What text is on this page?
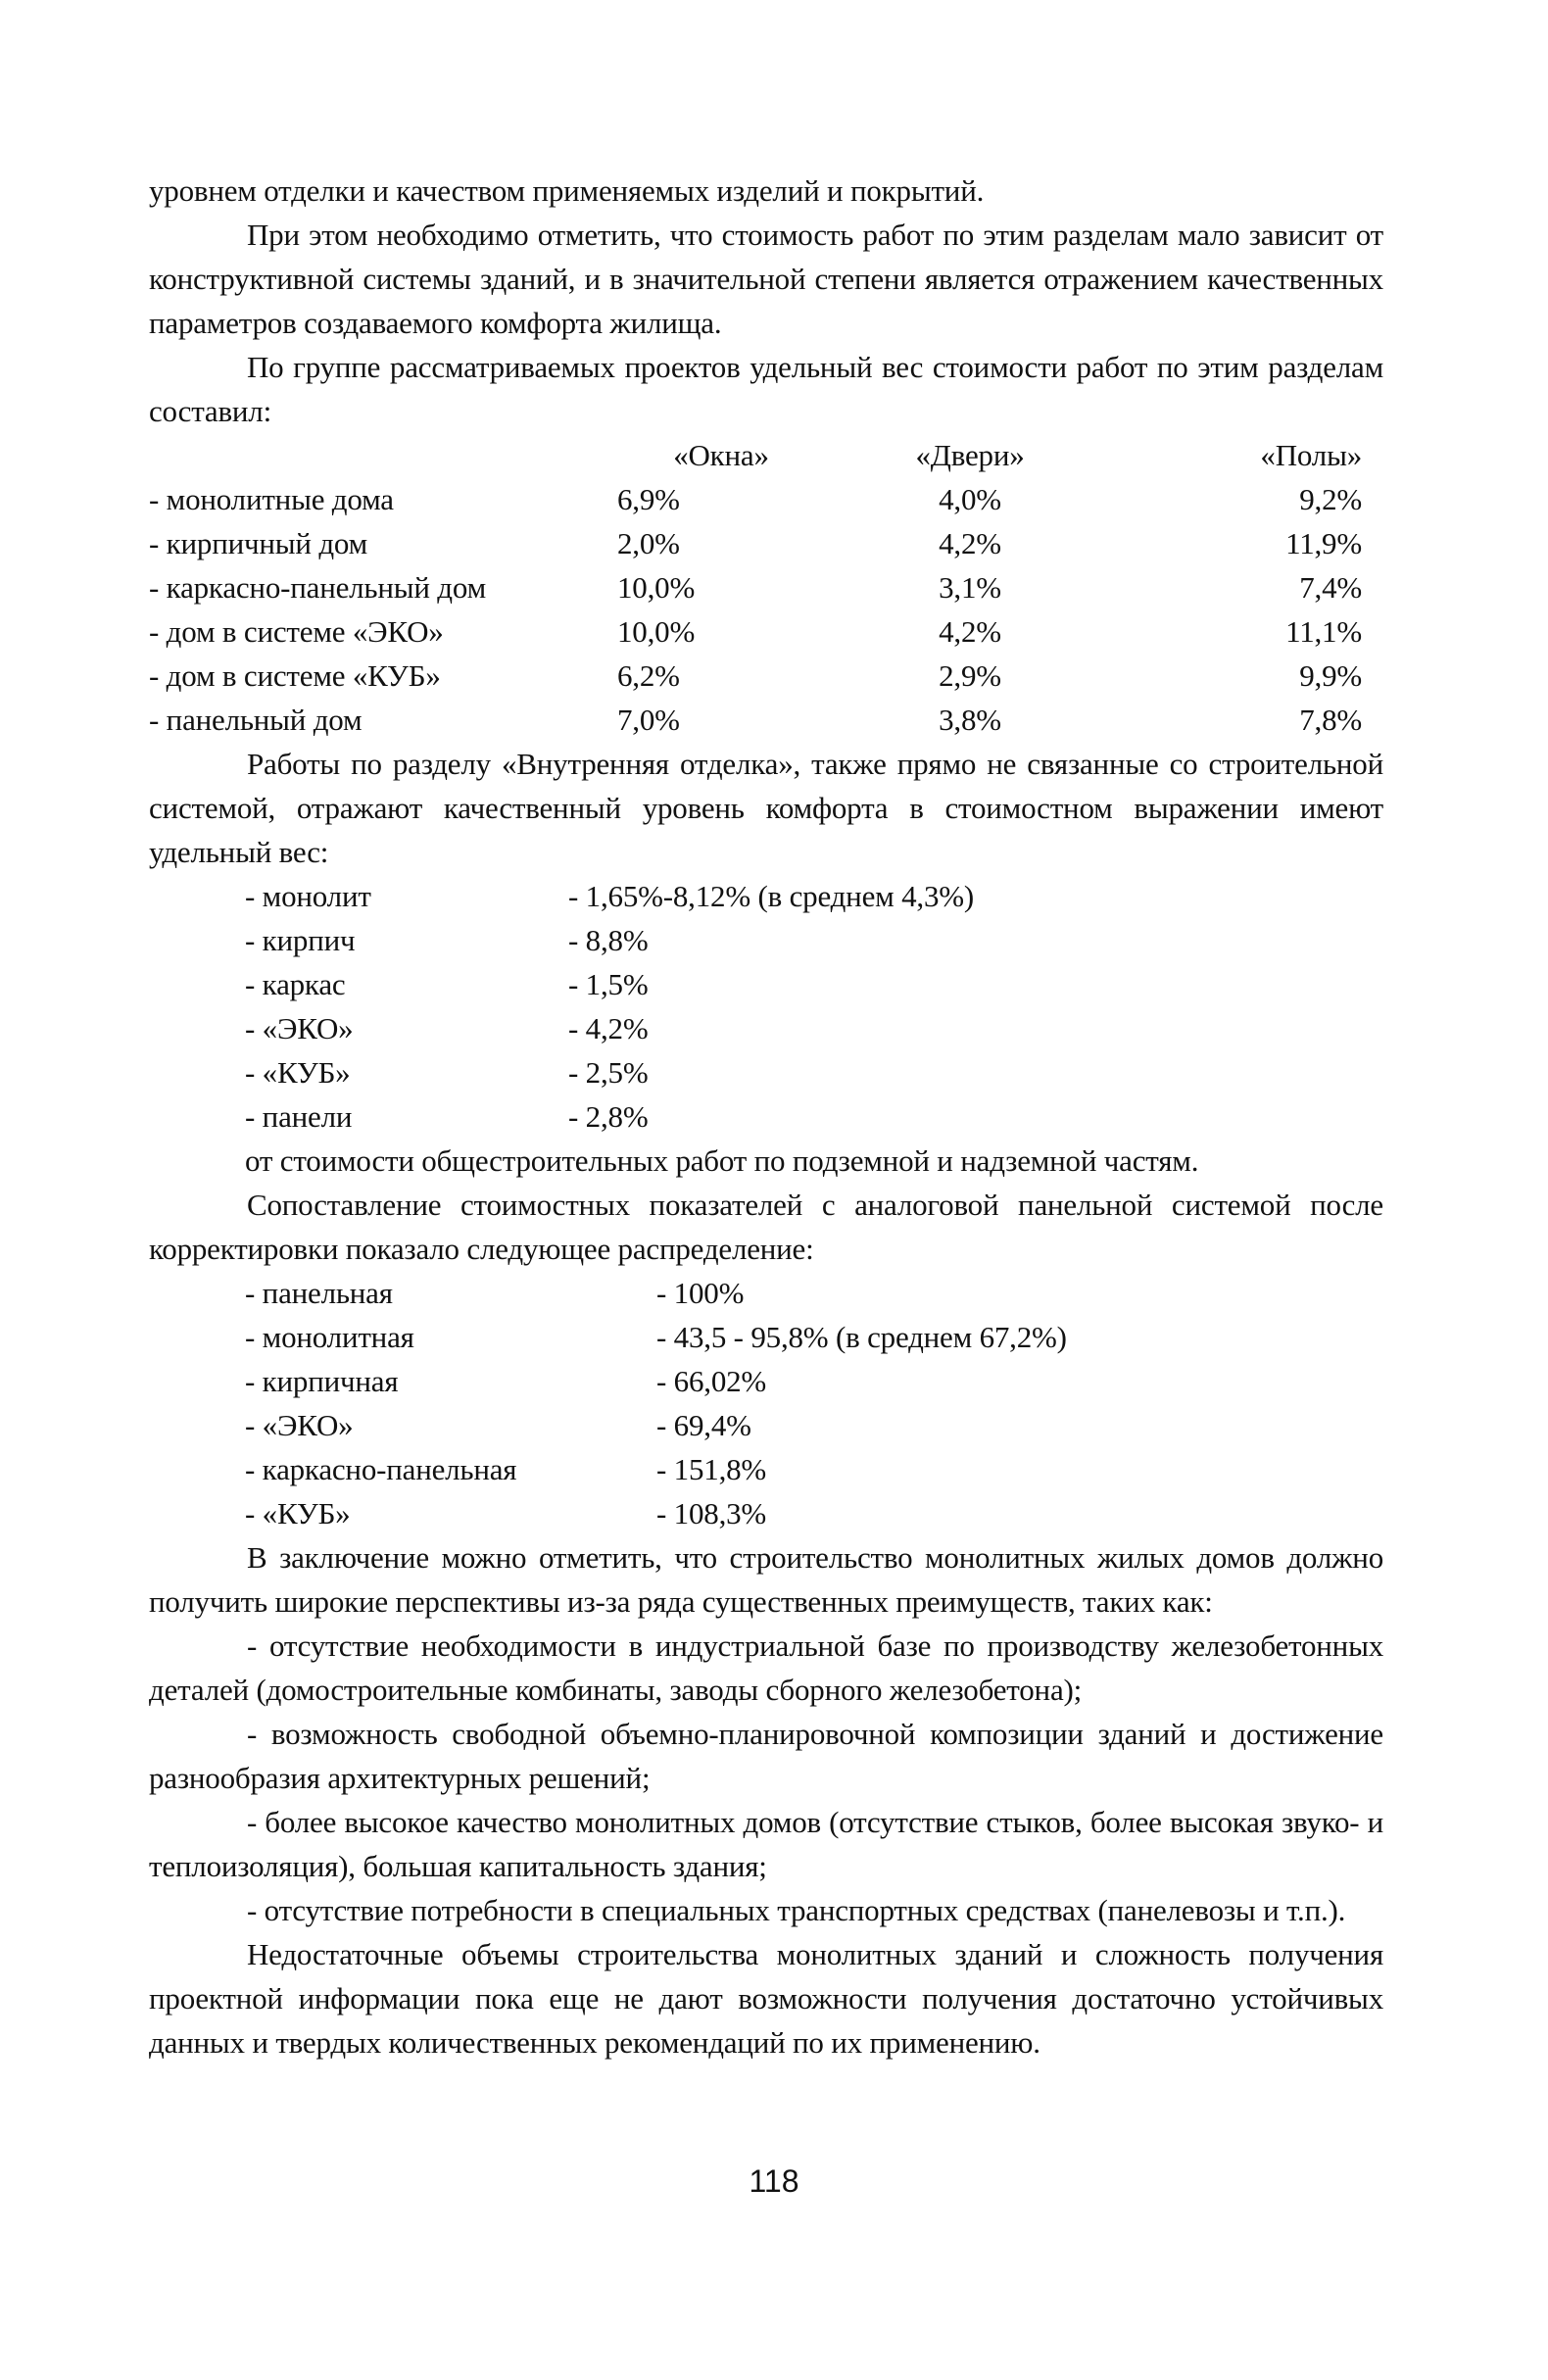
уровнем отделки и качеством применяемых изделий и покрытий.

При этом необходимо отметить, что стоимость работ по этим разделам мало зависит от конструктивной системы зданий, и в значительной степени является отражением качественных параметров создаваемого комфорта жилища.

По группе рассматриваемых проектов удельный вес стоимости работ по этим разделам составил:

	«Окна»	«Двери»	«Полы»
- монолитные дома	6,9%	4,0%	9,2%
- кирпичный дом	2,0%	4,2%	11,9%
- каркасно-панельный дом	10,0%	3,1%	7,4%
- дом в системе «ЭКО»	10,0%	4,2%	11,1%
- дом в системе «КУБ»	6,2%	2,9%	9,9%
- панельный дом	7,0%	3,8%	7,8%

Работы по разделу «Внутренняя отделка», также прямо не связанные со строительной системой, отражают качественный уровень комфорта в стоимостном выражении имеют удельный вес:

- монолит	- 1,65%-8,12% (в среднем 4,3%)
- кирпич	- 8,8%
- каркас	- 1,5%
- «ЭКО»	- 4,2%
- «КУБ»	- 2,5%
- панели	- 2,8%
от стоимости общестроительных работ по подземной и надземной частям.

Сопоставление стоимостных показателей с аналоговой панельной системой после корректировки показало следующее распределение:

- панельная	- 100%
- монолитная	- 43,5 - 95,8% (в среднем 67,2%)
- кирпичная	- 66,02%
- «ЭКО»	- 69,4%
- каркасно-панельная	- 151,8%
- «КУБ»	- 108,3%

В заключение можно отметить, что строительство монолитных жилых домов должно получить широкие перспективы из-за ряда существенных преимуществ, таких как:

- отсутствие необходимости в индустриальной базе по производству железобетонных деталей (домостроительные комбинаты, заводы сборного железобетона);

- возможность свободной объемно-планировочной композиции зданий и достижение разнообразия архитектурных решений;

- более высокое качество монолитных домов (отсутствие стыков, более высокая звуко- и теплоизоляция), большая капитальность здания;

- отсутствие потребности в специальных транспортных средствах (панелевозы и т.п.).

Недостаточные объемы строительства монолитных зданий и сложность получения проектной информации пока еще не дают возможности получения достаточно устойчивых данных и твердых количественных рекомендаций по их применению.

118
